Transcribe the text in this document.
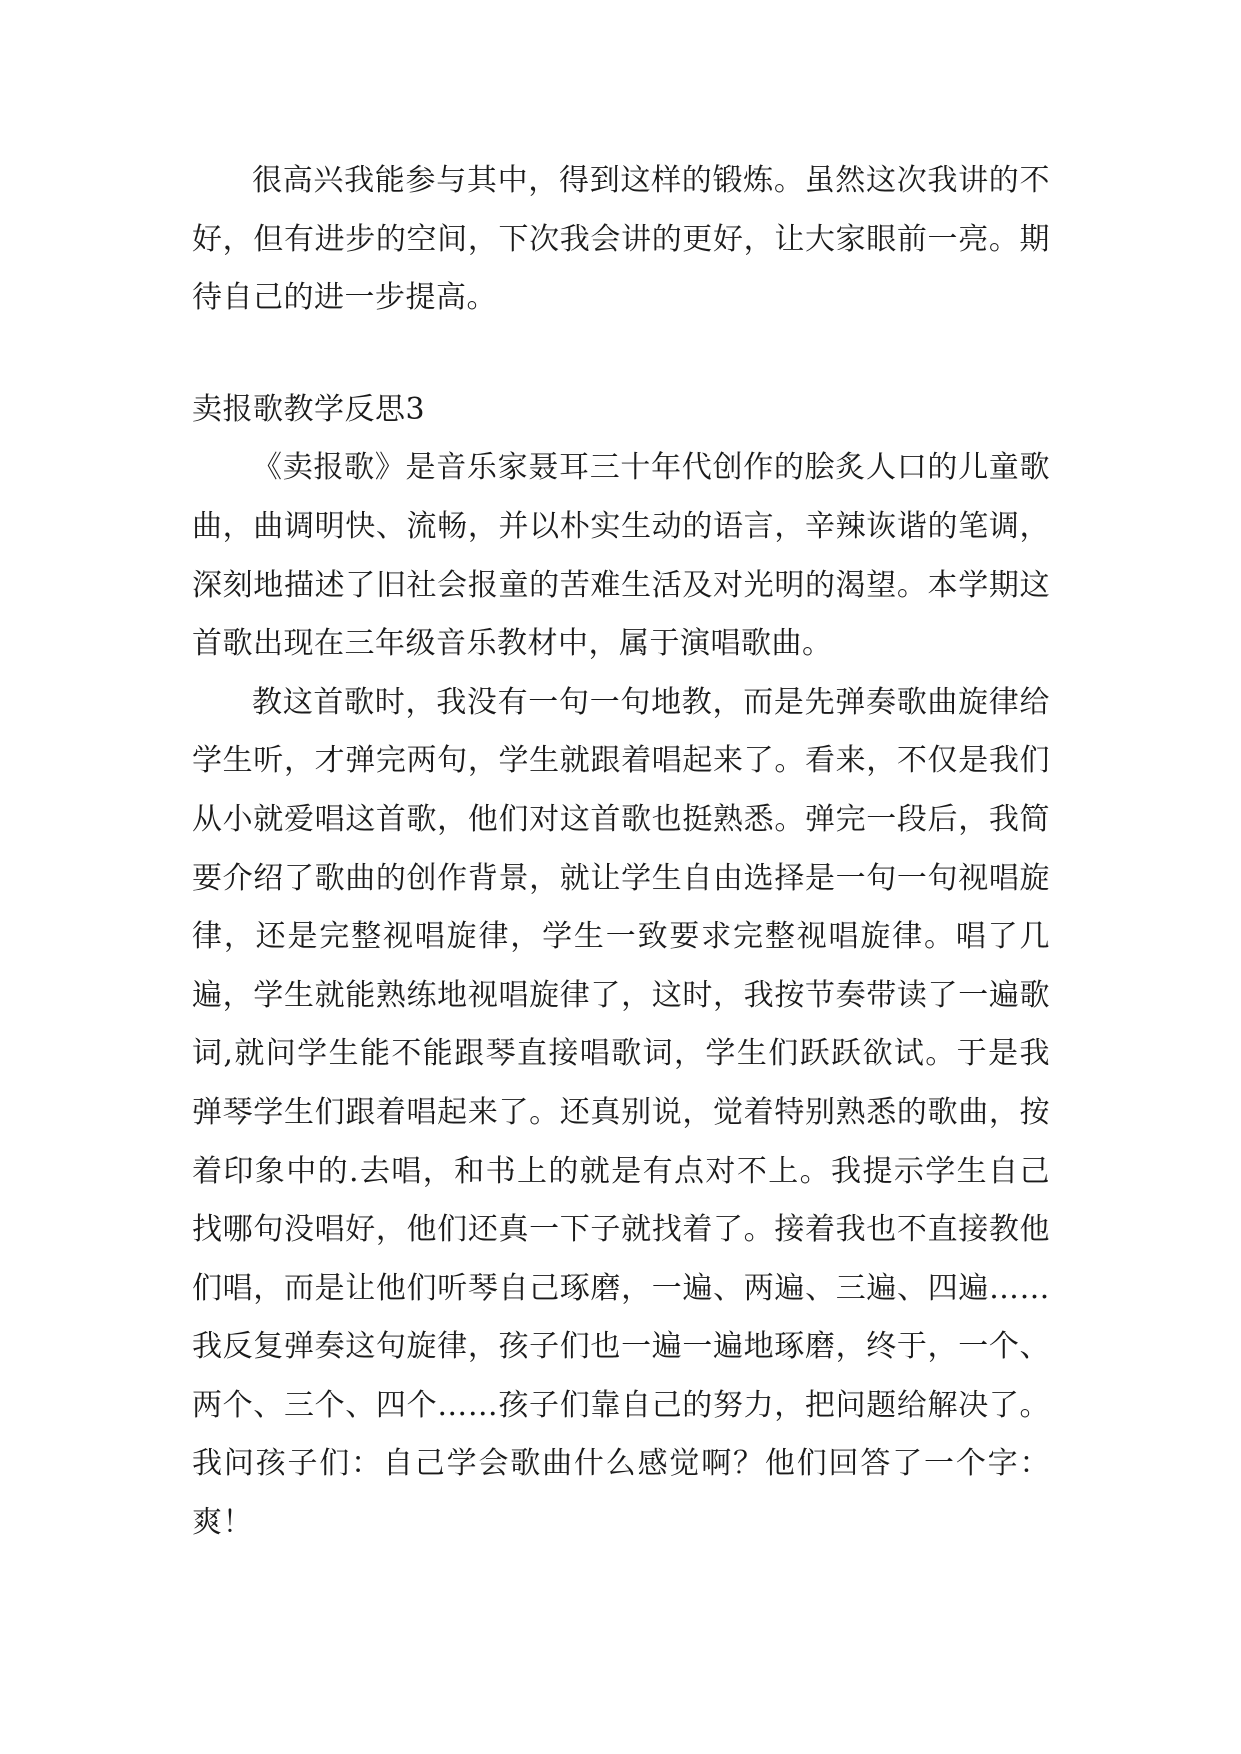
很高兴我能参与其中，得到这样的锻炼。虽然这次我讲的不好，但有进步的空间，下次我会讲的更好，让大家眼前一亮。期待自己的进一步提高。

卖报歌教学反思3

《卖报歌》是音乐家聂耳三十年代创作的脍炙人口的儿童歌曲，曲调明快、流畅，并以朴实生动的语言，辛辣诙谐的笔调，深刻地描述了旧社会报童的苦难生活及对光明的渴望。本学期这首歌出现在三年级音乐教材中，属于演唱歌曲。

教这首歌时，我没有一句一句地教，而是先弹奏歌曲旋律给学生听，才弹完两句，学生就跟着唱起来了。看来，不仅是我们从小就爱唱这首歌，他们对这首歌也挺熟悉。弹完一段后，我简要介绍了歌曲的创作背景，就让学生自由选择是一句一句视唱旋律，还是完整视唱旋律，学生一致要求完整视唱旋律。唱了几遍，学生就能熟练地视唱旋律了，这时，我按节奏带读了一遍歌词,就问学生能不能跟琴直接唱歌词，学生们跃跃欲试。于是我弹琴学生们跟着唱起来了。还真别说，觉着特别熟悉的歌曲，按着印象中的.去唱，和书上的就是有点对不上。我提示学生自己找哪句没唱好，他们还真一下子就找着了。接着我也不直接教他们唱，而是让他们听琴自己琢磨，一遍、两遍、三遍、四遍……我反复弹奏这句旋律，孩子们也一遍一遍地琢磨，终于，一个、两个、三个、四个……孩子们靠自己的努力，把问题给解决了。我问孩子们：自己学会歌曲什么感觉啊？他们回答了一个字：爽！
